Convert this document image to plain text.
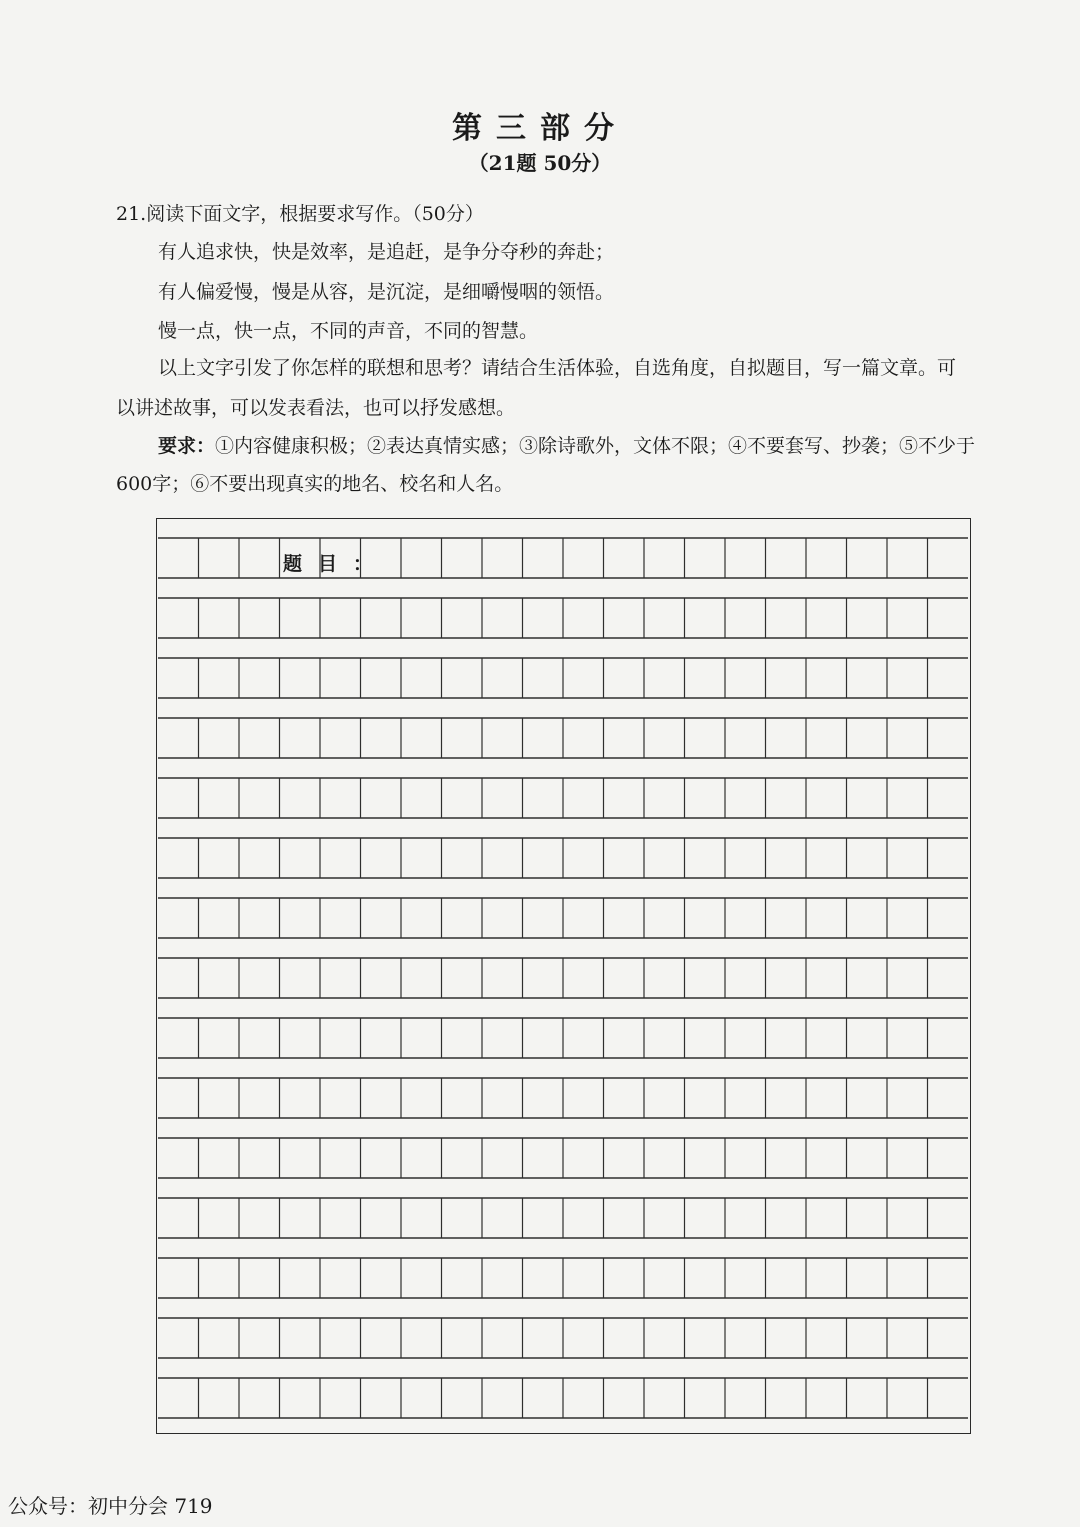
第三部分
（21题 50分）
21.阅读下面文字，根据要求写作。（50分）
有人追求快，快是效率，是追赶，是争分夺秒的奔赴；
有人偏爱慢，慢是从容，是沉淀，是细嚼慢咽的领悟。
慢一点，快一点，不同的声音，不同的智慧。
以上文字引发了你怎样的联想和思考？请结合生活体验，自选角度，自拟题目，写一篇文章。可
以讲述故事，可以发表看法，也可以抒发感想。
要求：①内容健康积极；②表达真情实感；③除诗歌外，文体不限；④不要套写、抄袭；⑤不少于
600字；⑥不要出现真实的地名、校名和人名。
题目：
公众号：初中分会 719
